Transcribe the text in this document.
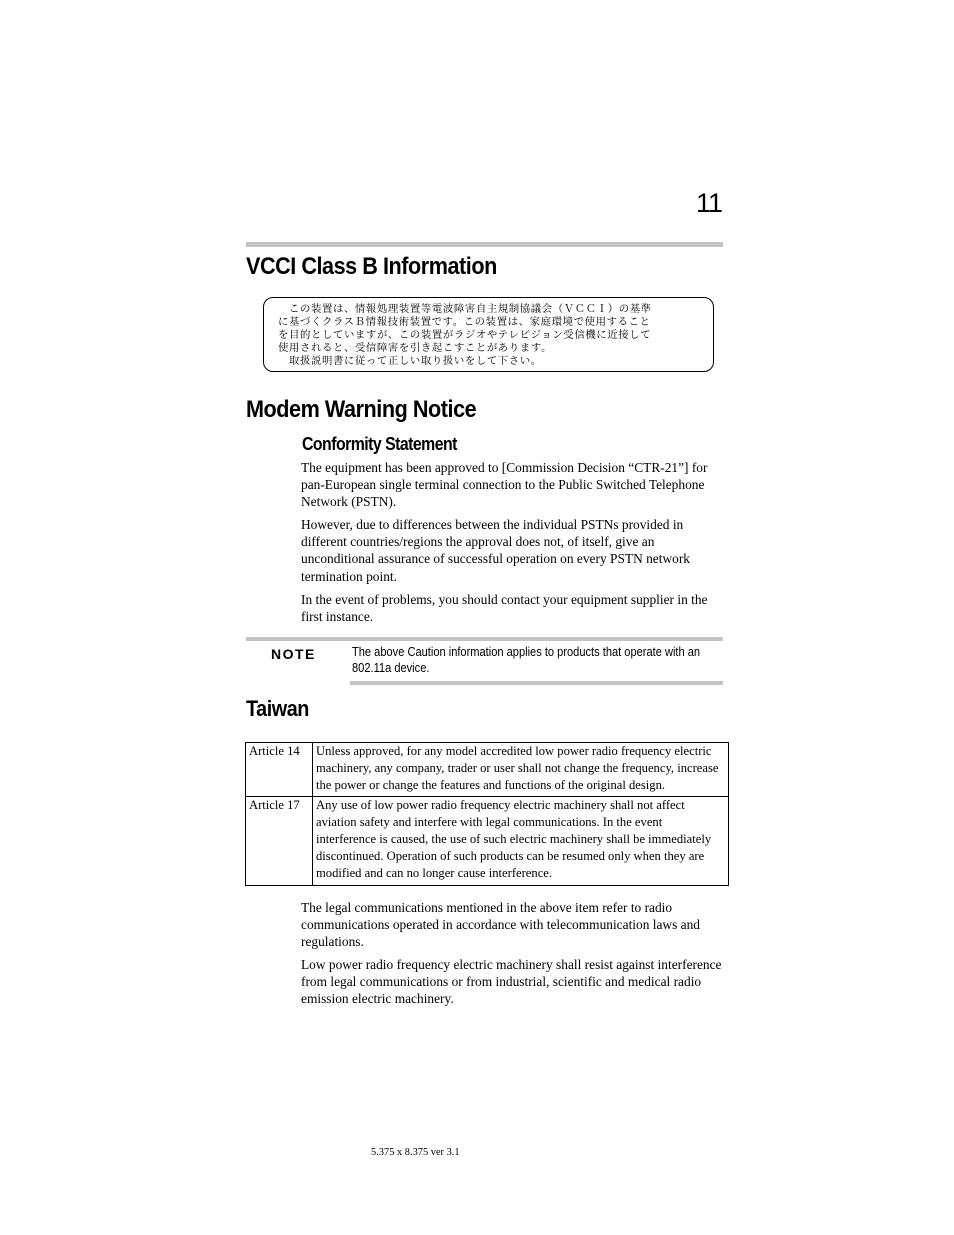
11
VCCI Class B Information
　この装置は、情報処理装置等電波障害自主規制協議会（ＶＣＣＩ）の基準
に基づくクラスＢ情報技術装置です。この装置は、家庭環境で使用すること
を目的としていますが、この装置がラジオやテレビジョン受信機に近接して
使用されると、受信障害を引き起こすことがあります。
　取扱説明書に従って正しい取り扱いをして下さい。
Modem Warning Notice
Conformity Statement
The equipment has been approved to [Commission Decision “CTR-21”] for pan-European single terminal connection to the Public Switched Telephone Network (PSTN).
However, due to differences between the individual PSTNs provided in different countries/regions the approval does not, of itself, give an unconditional assurance of successful operation on every PSTN network termination point.
In the event of problems, you should contact your equipment supplier in the first instance.
NOTE	The above Caution information applies to products that operate with an 802.11a device.
Taiwan
Article 14	Unless approved, for any model accredited low power radio frequency electric machinery, any company, trader or user shall not change the frequency, increase the power or change the features and functions of the original design.
Article 17	Any use of low power radio frequency electric machinery shall not affect aviation safety and interfere with legal communications. In the event interference is caused, the use of such electric machinery shall be immediately discontinued. Operation of such products can be resumed only when they are modified and can no longer cause interference.
The legal communications mentioned in the above item refer to radio communications operated in accordance with telecommunication laws and regulations.
Low power radio frequency electric machinery shall resist against interference from legal communications or from industrial, scientific and medical radio emission electric machinery.
5.375 x 8.375 ver 3.1
